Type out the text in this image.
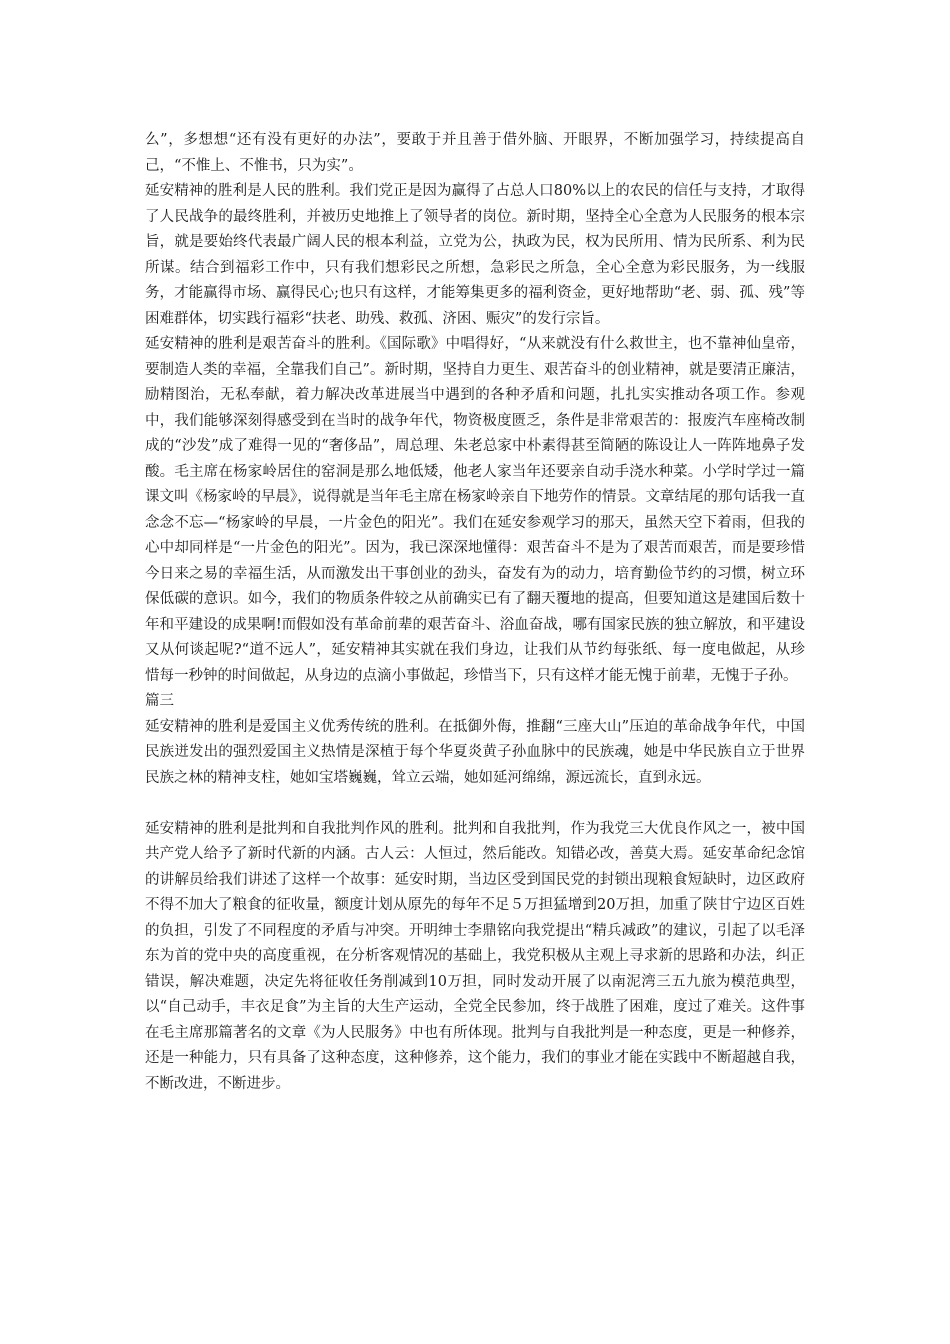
么”，多想想“还有没有更好的办法”，要敢于并且善于借外脑、开眼界，不断加强学习，持续提高自己，“不惟上、不惟书，只为实”。

延安精神的胜利是人民的胜利。我们党正是因为赢得了占总人口80%以上的农民的信任与支持，才取得了人民战争的最终胜利，并被历史地推上了领导者的岗位。新时期，坚持全心全意为人民服务的根本宗旨，就是要始终代表最广阔人民的根本利益，立党为公，执政为民，权为民所用、情为民所系、利为民所谋。结合到福彩工作中，只有我们想彩民之所想，急彩民之所急，全心全意为彩民服务，为一线服务，才能赢得市场、赢得民心;也只有这样，才能筹集更多的福利资金，更好地帮助“老、弱、孤、残”等困难群体，切实践行福彩“扶老、助残、救孤、济困、赈灾”的发行宗旨。

延安精神的胜利是艰苦奋斗的胜利。《国际歌》中唱得好，“从来就没有什么救世主，也不靠神仙皇帝，要制造人类的幸福，全靠我们自己”。新时期，坚持自力更生、艰苦奋斗的创业精神，就是要清正廉洁，励精图治，无私奉献，着力解决改革进展当中遇到的各种矛盾和问题，扎扎实实推动各项工作。参观中，我们能够深刻得感受到在当时的战争年代，物资极度匮乏，条件是非常艰苦的：报废汽车座椅改制成的“沙发”成了难得一见的“奢侈品”，周总理、朱老总家中朴素得甚至简陋的陈设让人一阵阵地鼻子发酸。毛主席在杨家岭居住的窑洞是那么地低矮，他老人家当年还要亲自动手浇水种菜。小学时学过一篇课文叫《杨家岭的早晨》，说得就是当年毛主席在杨家岭亲自下地劳作的情景。文章结尾的那句话我一直念念不忘—“杨家岭的早晨，一片金色的阳光”。我们在延安参观学习的那天，虽然天空下着雨，但我的心中却同样是“一片金色的阳光”。因为，我已深深地懂得：艰苦奋斗不是为了艰苦而艰苦，而是要珍惜今日来之易的幸福生活，从而激发出干事创业的劲头，奋发有为的动力，培育勤俭节约的习惯，树立环保低碳的意识。如今，我们的物质条件较之从前确实已有了翻天覆地的提高，但要知道这是建国后数十年和平建设的成果啊!而假如没有革命前辈的艰苦奋斗、浴血奋战，哪有国家民族的独立解放，和平建设又从何谈起呢?“道不远人”，延安精神其实就在我们身边，让我们从节约每张纸、每一度电做起，从珍惜每一秒钟的时间做起，从身边的点滴小事做起，珍惜当下，只有这样才能无愧于前辈，无愧于子孙。

篇三

延安精神的胜利是爱国主义优秀传统的胜利。在抵御外侮，推翻“三座大山”压迫的革命战争年代，中国民族迸发出的强烈爱国主义热情是深植于每个华夏炎黄子孙血脉中的民族魂，她是中华民族自立于世界民族之林的精神支柱，她如宝塔巍巍，耸立云端，她如延河绵绵，源远流长，直到永远。

延安精神的胜利是批判和自我批判作风的胜利。批判和自我批判，作为我党三大优良作风之一，被中国共产党人给予了新时代新的内涵。古人云：人恒过，然后能改。知错必改，善莫大焉。延安革命纪念馆的讲解员给我们讲述了这样一个故事：延安时期，当边区受到国民党的封锁出现粮食短缺时，边区政府不得不加大了粮食的征收量，额度计划从原先的每年不足５万担猛增到20万担，加重了陕甘宁边区百姓的负担，引发了不同程度的矛盾与冲突。开明绅士李鼎铭向我党提出“精兵减政”的建议，引起了以毛泽东为首的党中央的高度重视，在分析客观情况的基础上，我党积极从主观上寻求新的思路和办法，纠正错误，解决难题，决定先将征收任务削减到10万担，同时发动开展了以南泥湾三五九旅为模范典型，以“自己动手，丰衣足食”为主旨的大生产运动，全党全民参加，终于战胜了困难，度过了难关。这件事在毛主席那篇著名的文章《为人民服务》中也有所体现。批判与自我批判是一种态度，更是一种修养，还是一种能力，只有具备了这种态度，这种修养，这个能力，我们的事业才能在实践中不断超越自我，不断改进，不断进步。
